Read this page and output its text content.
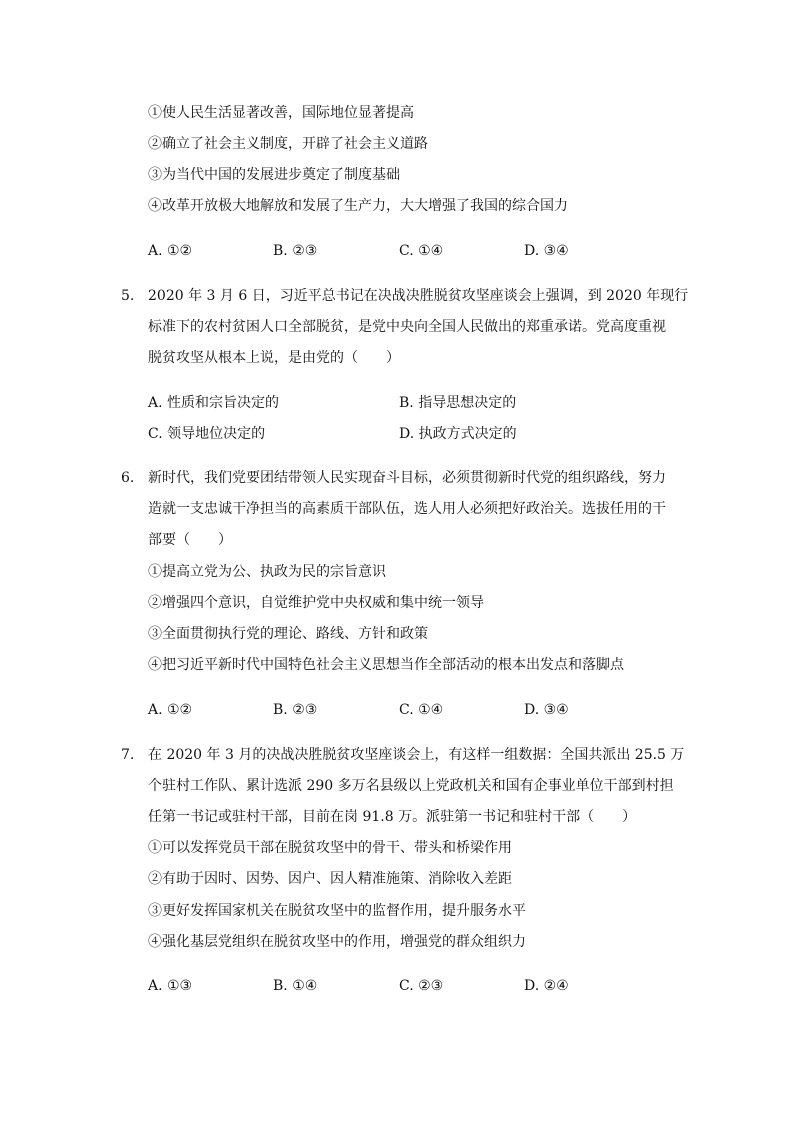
①使人民生活显著改善，国际地位显著提高
②确立了社会主义制度，开辟了社会主义道路
③为当代中国的发展进步奠定了制度基础
④改革开放极大地解放和发展了生产力，大大增强了我国的综合国力
A. ①②	B. ②③	C. ①④	D. ③④
5. 2020 年 3 月 6 日，习近平总书记在决战决胜脱贫攻坚座谈会上强调，到 2020 年现行
标准下的农村贫困人口全部脱贫，是党中央向全国人民做出的郑重承诺。党高度重视
脱贫攻坚从根本上说，是由党的（　　）
A. 性质和宗旨决定的	B. 指导思想决定的
C. 领导地位决定的	D. 执政方式决定的
6. 新时代，我们党要团结带领人民实现奋斗目标，必须贯彻新时代党的组织路线，努力
造就一支忠诚干净担当的高素质干部队伍，选人用人必须把好政治关。选拔任用的干
部要（　　）
①提高立党为公、执政为民的宗旨意识
②增强四个意识，自觉维护党中央权威和集中统一领导
③全面贯彻执行党的理论、路线、方针和政策
④把习近平新时代中国特色社会主义思想当作全部活动的根本出发点和落脚点
A. ①②	B. ②③	C. ①④	D. ③④
7. 在 2020 年 3 月的决战决胜脱贫攻坚座谈会上，有这样一组数据：全国共派出 25.5 万
个驻村工作队、累计选派 290 多万名县级以上党政机关和国有企事业单位干部到村担
任第一书记或驻村干部，目前在岗 91.8 万。派驻第一书记和驻村干部（　　）
①可以发挥党员干部在脱贫攻坚中的骨干、带头和桥梁作用
②有助于因时、因势、因户、因人精准施策、消除收入差距
③更好发挥国家机关在脱贫攻坚中的监督作用，提升服务水平
④强化基层党组织在脱贫攻坚中的作用，增强党的群众组织力
A. ①③	B. ①④	C. ②③	D. ②④
